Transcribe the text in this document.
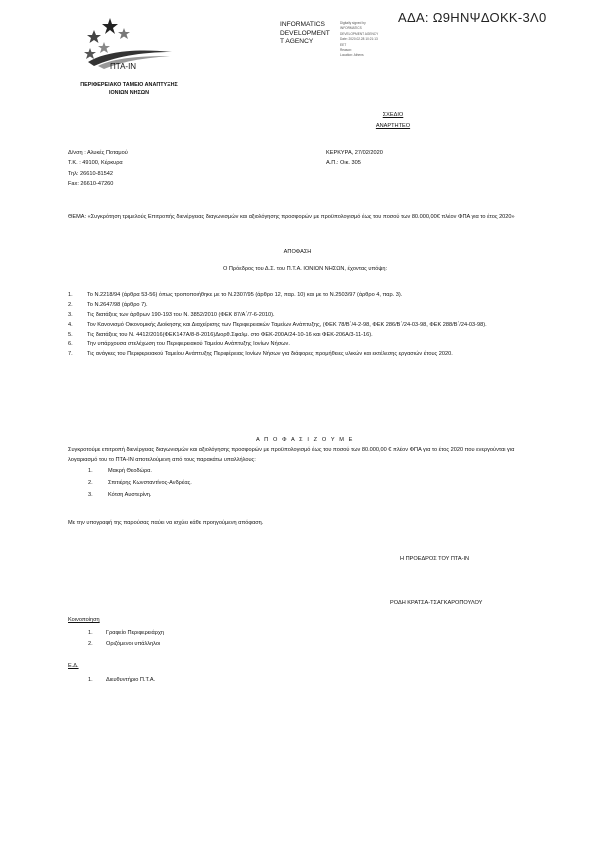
ΠΤΑ-ΙΝ
ΠΕΡΙΦΕΡΕΙΑΚΟ ΤΑΜΕΙΟ ΑΝΑΠΤΥΞΗΣ
ΙΟΝΙΩΝ ΝΗΣΩΝ
ΑΔΑ: Ω9ΗΝΨΔΟΚΚ-3Λ0
INFORMATICS
DEVELOPMENT
T AGENCY
Digitally signed by
INFORMATICS
DEVELOPMENT AGENCY
Date: 2020.02.28 10:21:13
EET
Reason:
Location: Athens
ΣΧΕΔΙΟ
ΑΝΑΡΤΗΤΕΟ
Δ/νση : Αλυκές Ποταμού
Τ.Κ. : 49100, Κέρκυρα
Τηλ: 26610-81542
Fax: 26610-47260
ΚΕΡΚΥΡΑ, 27/02/2020
Α.Π.: Οικ. 305
ΘΕΜΑ: «Συγκρότηση τριμελούς Επιτροπής διενέργειας διαγωνισμών και αξιολόγησης προσφορών με προϋπολογισμό έως του ποσού των 80.000,00€ πλέον ΦΠΑ για το έτος 2020»
ΑΠΟΦΑΣΗ
Ο Πρόεδρος του Δ.Σ. του Π.Τ.Α. ΙΟΝΙΩΝ ΝΗΣΩΝ, έχοντας υπόψη:
1.	Το Ν.2218/94 (άρθρα 53-56) όπως τροποποιήθηκε με το Ν.2307/95 (άρθρο 12, παρ. 10) και με το Ν.2503/97 (άρθρο 4, παρ. 3).
2.	Το Ν.2647/98 (άρθρο 7).
3.	Τις διατάξεις των άρθρων 190-193 του Ν. 3852/2010 (ΦΕΚ 87/Α΄/7-6-2010).
4.	Τον Κανονισμό Οικονομικής Διοίκησης και Διαχείρισης των Περιφερειακών Ταμείων Ανάπτυξης, (ΦΕΚ 78/Β΄/4-2-98, ΦΕΚ 286/Β΄/24-03-98, ΦΕΚ 288/Β΄/24-03-98).
5.	Τις διατάξεις του Ν. 4412/2016(ΦΕΚ147Α/8-8-2016)Διορθ.Σφαλμ. στο ΦΕΚ-200Α/24-10-16 και ΦΕΚ-206Α/3-11-16).
6.	Την υπάρχουσα στελέχωση του Περιφερειακού Ταμείου Ανάπτυξης Ιονίων Νήσων.
7.	Τις ανάγκες του Περιφερειακού Ταμείου Ανάπτυξης Περιφέρειας Ιονίων Νήσων για διάφορες προμήθειες υλικών και εκτέλεσης εργασιών έτους 2020.
Α Π Ο Φ Α Σ Ι Ζ Ο Υ Μ Ε
Συγκροτούμε επιτροπή διενέργειας διαγωνισμών και αξιολόγησης προσφορών με προϋπολογισμό έως του ποσού των 80.000,00 € πλέον ΦΠΑ για το έτος 2020 που ενεργούνται για λογαριασμό του το ΠΤΑ-ΙΝ αποτελούμενη από τους παρακάτω υπαλλήλους:
1.	Μακρή Θεοδώρα.
2.	Σπιτιέρης Κωνσταντίνος-Ανδρέας.
3.	Κότση Αυστερίνη.
Με την υπογραφή της παρούσας παύει να ισχύει κάθε προηγούμενη απόφαση.
Η ΠΡΟΕΔΡΟΣ ΤΟΥ ΠΤΑ-ΙΝ
ΡΟΔΗ ΚΡΑΤΣΑ-ΤΣΑΓΚΑΡΟΠΟΥΛΟΥ
Κοινοποίηση
1. Γραφείο Περιφερειάρχη
2. Οριζόμενοι υπάλληλοι
Ε.Δ.
1. Διευθυντήριο Π.Τ.Α.
